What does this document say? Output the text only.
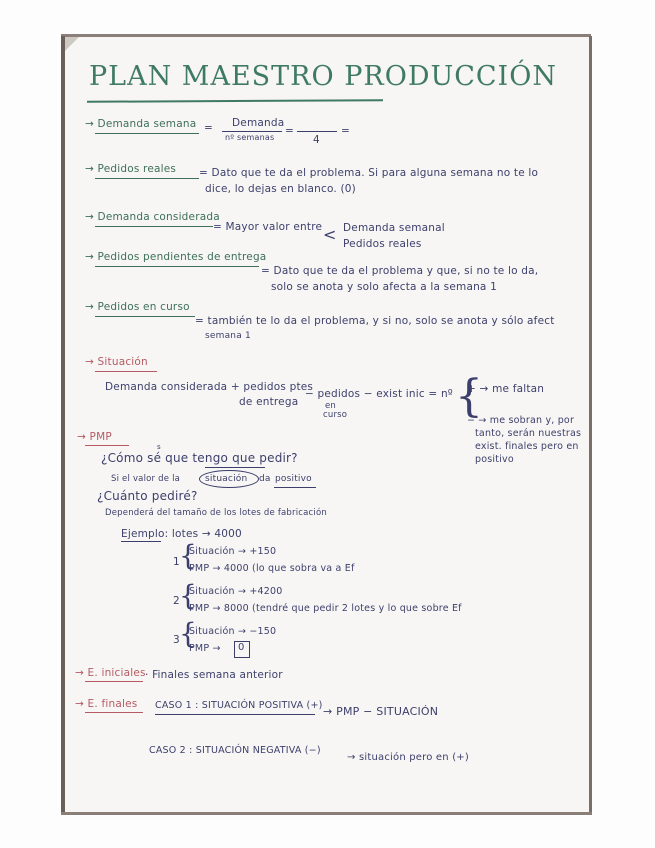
PLAN MAESTRO PRODUCCIÓN
→ Demanda semana = Demanda
nº semanas
=
4
=
→ Pedidos reales = Dato que te da el problema. Si para alguna semana no te lo
dice, lo dejas en blanco. (0)
→ Demanda considerada
= Mayor valor entre < Demanda semanal
Pedidos reales
→ Pedidos pendientes de entrega
= Dato que te da el problema y que, si no te lo da,
solo se anota y solo afecta a la semana 1
→ Pedidos en curso
= también te lo da el problema, y si no, solo se anota y sólo afect
semana 1
→ Situación
Demanda considerada + pedidos ptes
de entrega
− pedidos − exist inic = nº
en
curso {
+ → me faltan
− → me sobran y, por
tanto, serán nuestras
exist. finales pero en
positivo
→ PMP
¿Cómo sé que tengo que pedir?
s
Si el valor de la	situación da positivo
¿Cuánto pediré?
Dependerá del tamaño de los lotes de fabricación
Ejemplo: lotes → 4000
1 {
Situación → +150
PMP → 4000 (lo que sobra va a Ef
2 {
Situación → +4200
PMP → 8000 (tendré que pedir 2 lotes y lo que sobre Ef
3 {
Situación → −150
PMP → 0
→ E. iniciales · Finales semana anterior
→ E. finales CASO 1 : SITUACIÓN POSITIVA (+) → PMP − SITUACIÓN
CASO 2 : SITUACIÓN NEGATIVA (−)
→ situación pero en (+)
